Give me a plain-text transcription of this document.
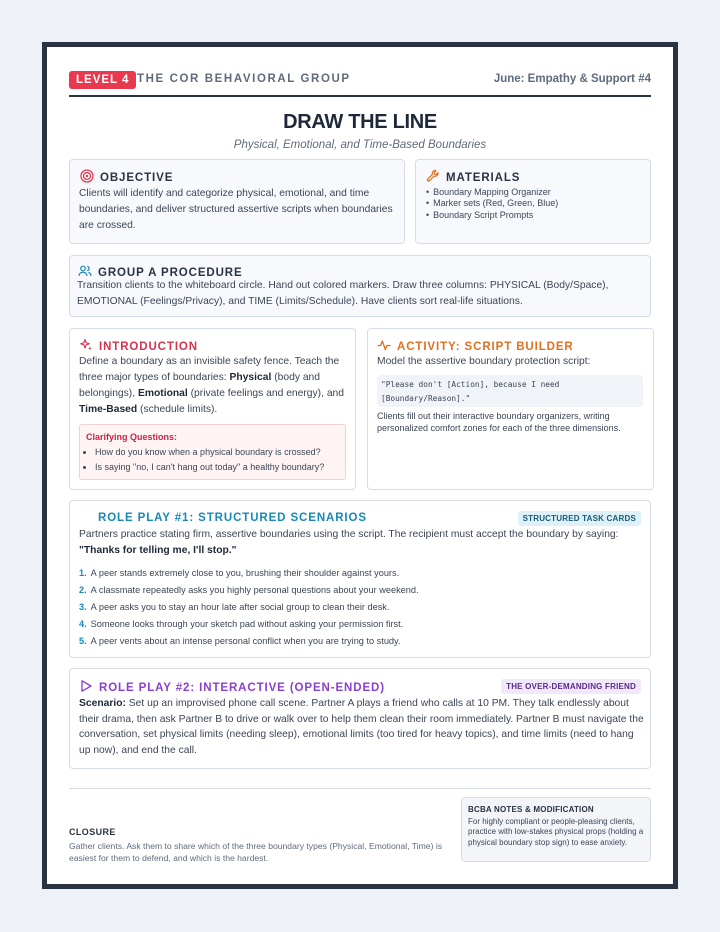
LEVEL 4 THE COR BEHAVIORAL GROUP	June: Empathy & Support #4
DRAW THE LINE
Physical, Emotional, and Time-Based Boundaries
OBJECTIVE
Clients will identify and categorize physical, emotional, and time boundaries, and deliver structured assertive scripts when boundaries are crossed.
MATERIALS
• Boundary Mapping Organizer
• Marker sets (Red, Green, Blue)
• Boundary Script Prompts
GROUP A PROCEDURE
Transition clients to the whiteboard circle. Hand out colored markers. Draw three columns: PHYSICAL (Body/Space), EMOTIONAL (Feelings/Privacy), and TIME (Limits/Schedule). Have clients sort real-life situations.
INTRODUCTION
Define a boundary as an invisible safety fence. Teach the three major types of boundaries: Physical (body and belongings), Emotional (private feelings and energy), and Time-Based (schedule limits).
Clarifying Questions:
• How do you know when a physical boundary is crossed?
• Is saying "no, I can't hang out today" a healthy boundary?
ACTIVITY: SCRIPT BUILDER
Model the assertive boundary protection script:
"Please don't [Action], because I need
[Boundary/Reason]."
Clients fill out their interactive boundary organizers, writing personalized comfort zones for each of the three dimensions.
ROLE PLAY #1: STRUCTURED SCENARIOS	STRUCTURED TASK CARDS
Partners practice stating firm, assertive boundaries using the script. The recipient must accept the boundary by saying:
"Thanks for telling me, I'll stop."
1. A peer stands extremely close to you, brushing their shoulder against yours.
2. A classmate repeatedly asks you highly personal questions about your weekend.
3. A peer asks you to stay an hour late after social group to clean their desk.
4. Someone looks through your sketch pad without asking your permission first.
5. A peer vents about an intense personal conflict when you are trying to study.
ROLE PLAY #2: INTERACTIVE (OPEN-ENDED)	THE OVER-DEMANDING FRIEND
Scenario: Set up an improvised phone call scene. Partner A plays a friend who calls at 10 PM. They talk endlessly about their drama, then ask Partner B to drive or walk over to help them clean their room immediately. Partner B must navigate the conversation, set physical limits (needing sleep), emotional limits (too tired for heavy topics), and time limits (need to hang up now), and end the call.
CLOSURE
Gather clients. Ask them to share which of the three boundary types (Physical, Emotional, Time) is easiest for them to defend, and which is the hardest.
BCBA NOTES & MODIFICATION
For highly compliant or people-pleasing clients, practice with low-stakes physical props (holding a physical boundary stop sign) to ease anxiety.
